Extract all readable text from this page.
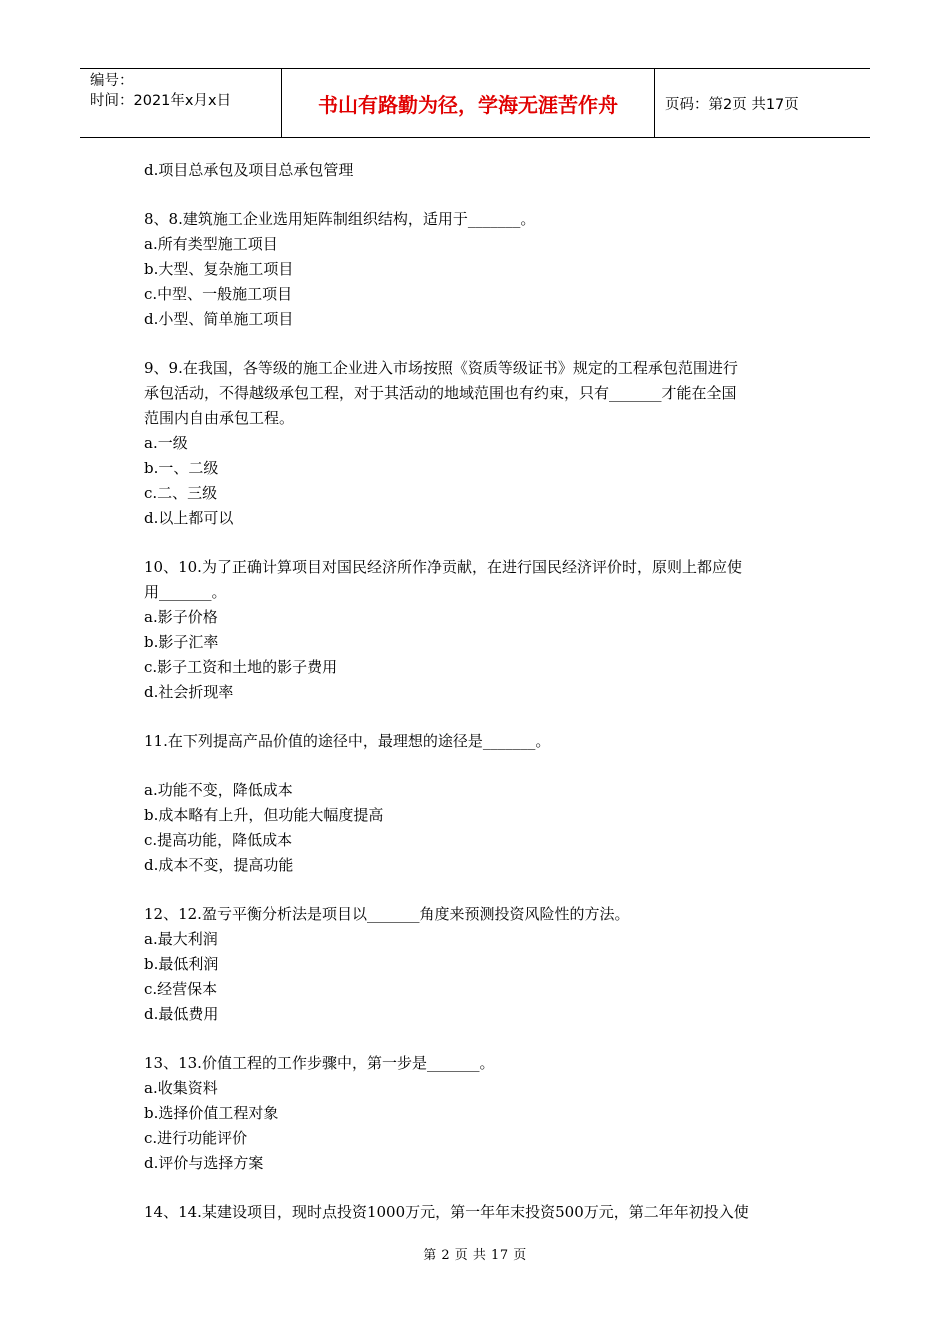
编号：
时间：2021年x月x日	书山有路勤为径，学海无涯苦作舟	页码：第2页 共17页
d.项目总承包及项目总承包管理
8、8.建筑施工企业选用矩阵制组织结构，适用于_______。
a.所有类型施工项目
b.大型、复杂施工项目
c.中型、一般施工项目
d.小型、简单施工项目
9、9.在我国，各等级的施工企业进入市场按照《资质等级证书》规定的工程承包范围进行
承包活动，不得越级承包工程，对于其活动的地域范围也有约束，只有_______才能在全国
范围内自由承包工程。
a.一级
b.一、二级
c.二、三级
d.以上都可以
10、10.为了正确计算项目对国民经济所作净贡献，在进行国民经济评价时，原则上都应使
用_______。
a.影子价格
b.影子汇率
c.影子工资和土地的影子费用
d.社会折现率
11.在下列提高产品价值的途径中，最理想的途径是_______。
a.功能不变，降低成本
b.成本略有上升，但功能大幅度提高
c.提高功能，降低成本
d.成本不变，提高功能
12、12.盈亏平衡分析法是项目以_______角度来预测投资风险性的方法。
a.最大利润
b.最低利润
c.经营保本
d.最低费用
13、13.价值工程的工作步骤中，第一步是_______。
a.收集资料
b.选择价值工程对象
c.进行功能评价
d.评价与选择方案
14、14.某建设项目，现时点投资1000万元，第一年年末投资500万元，第二年年初投入使
第 2 页 共 17 页
